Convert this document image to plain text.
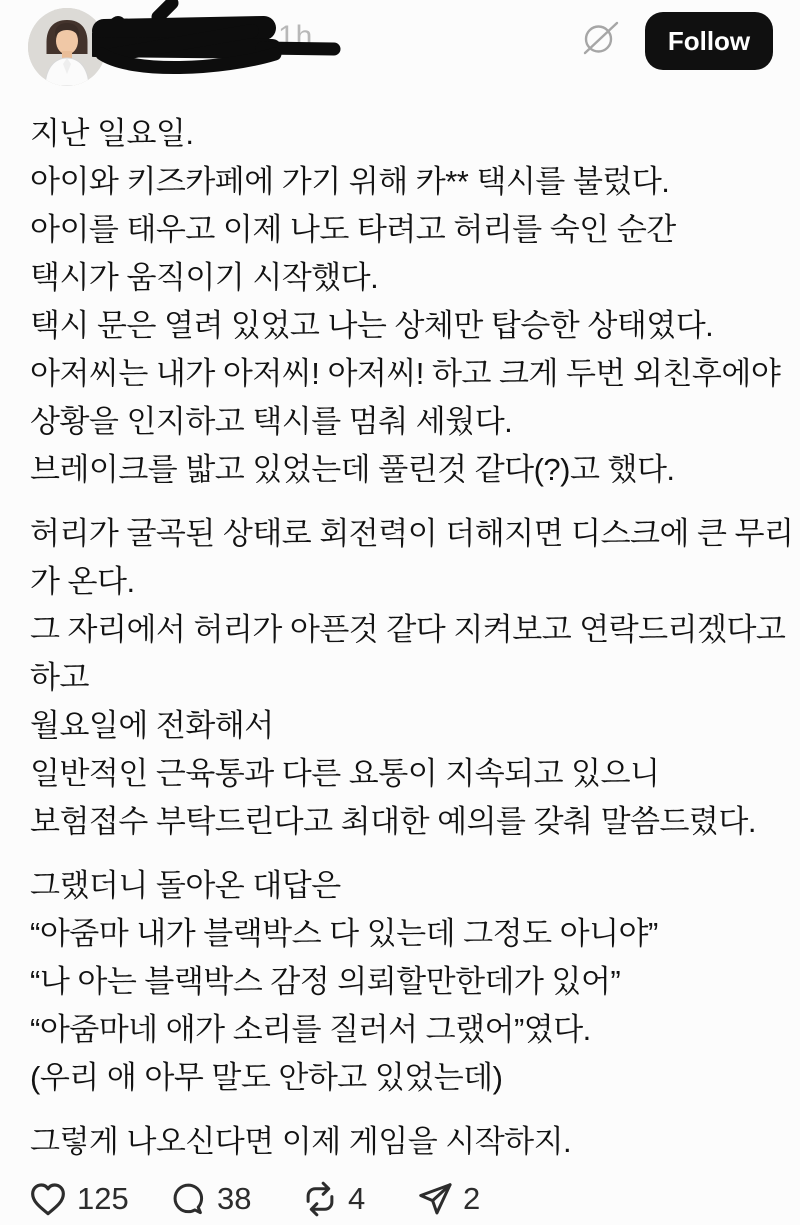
1h	Follow
지난 일요일.
아이와 키즈카페에 가기 위해 카** 택시를 불렀다.
아이를 태우고 이제 나도 타려고 허리를 숙인 순간
택시가 움직이기 시작했다.
택시 문은 열려 있었고 나는 상체만 탑승한 상태였다.
아저씨는 내가 아저씨! 아저씨! 하고 크게 두번 외친후에야
상황을 인지하고 택시를 멈춰 세웠다.
브레이크를 밟고 있었는데 풀린것 같다(?)고 했다.
허리가 굴곡된 상태로 회전력이 더해지면 디스크에 큰 무리
가 온다.
그 자리에서 허리가 아픈것 같다 지켜보고 연락드리겠다고
하고
월요일에 전화해서
일반적인 근육통과 다른 요통이 지속되고 있으니
보험접수 부탁드린다고 최대한 예의를 갖춰 말씀드렸다.
그랬더니 돌아온 대답은
“아줌마 내가 블랙박스 다 있는데 그정도 아니야”
“나 아는 블랙박스 감정 의뢰할만한데가 있어”
“아줌마네 애가 소리를 질러서 그랬어”였다.
(우리 애 아무 말도 안하고 있었는데)
그렇게 나오신다면 이제 게임을 시작하지.
125	38	4	2
